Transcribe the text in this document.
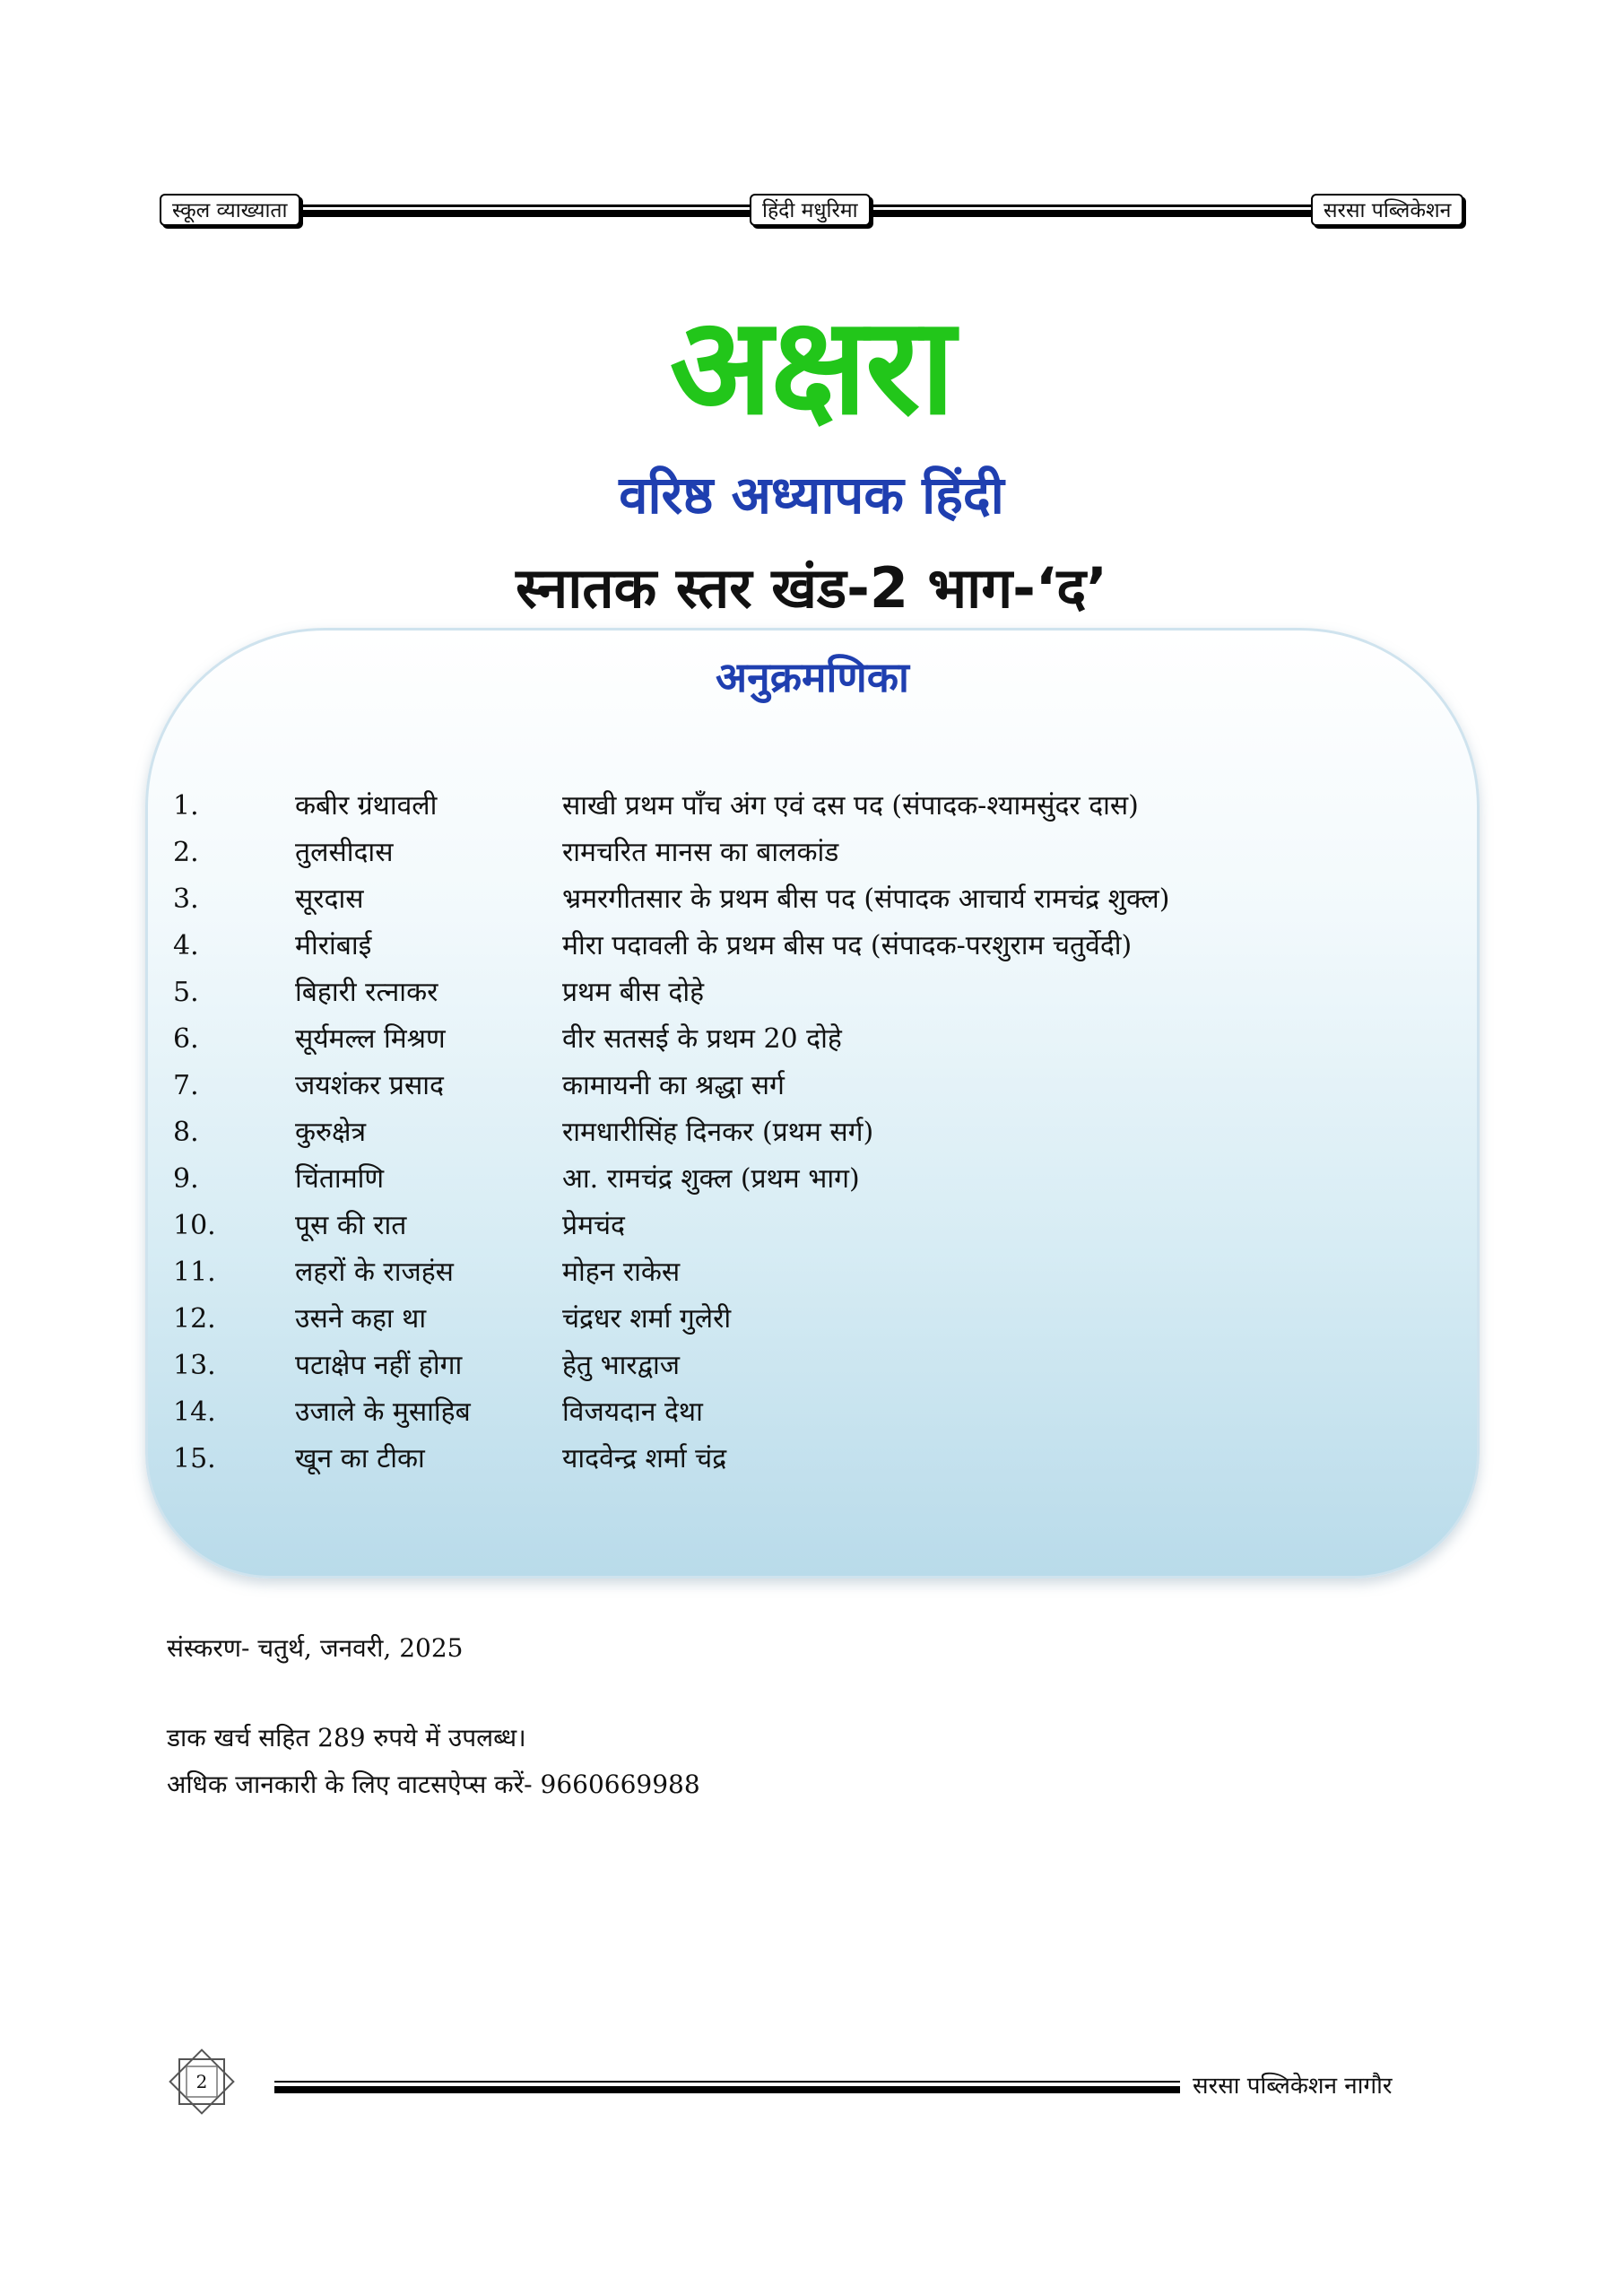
स्कूल व्याख्याता	हिंदी मधुरिमा	सरसा पब्लिकेशन
अक्षरा
वरिष्ठ अध्यापक हिंदी
स्नातक स्तर खंड-2 भाग-‘द’
अनुक्रमणिका
1.	कबीर ग्रंथावली	साखी प्रथम पाँच अंग एवं दस पद (संपादक-श्यामसुंदर दास)
2.	तुलसीदास	रामचरित मानस का बालकांड
3.	सूरदास	भ्रमरगीतसार के प्रथम बीस पद (संपादक आचार्य रामचंद्र शुक्ल)
4.	मीरांबाई	मीरा पदावली के प्रथम बीस पद (संपादक-परशुराम चतुर्वेदी)
5.	बिहारी रत्नाकर	प्रथम बीस दोहे
6.	सूर्यमल्ल मिश्रण	वीर सतसई के प्रथम 20 दोहे
7.	जयशंकर प्रसाद	कामायनी का श्रद्धा सर्ग
8.	कुरुक्षेत्र	रामधारीसिंह दिनकर (प्रथम सर्ग)
9.	चिंतामणि	आ. रामचंद्र शुक्ल (प्रथम भाग)
10.	पूस की रात	प्रेमचंद
11.	लहरों के राजहंस	मोहन राकेस
12.	उसने कहा था	चंद्रधर शर्मा गुलेरी
13.	पटाक्षेप नहीं होगा	हेतु भारद्वाज
14.	उजाले के मुसाहिब	विजयदान देथा
15.	खून का टीका	यादवेन्द्र शर्मा चंद्र
संस्करण- चतुर्थ, जनवरी, 2025
डाक खर्च सहित 289 रुपये में उपलब्ध।
अधिक जानकारी के लिए वाटसऐप्स करें- 9660669988
2	सरसा पब्लिकेशन नागौर
